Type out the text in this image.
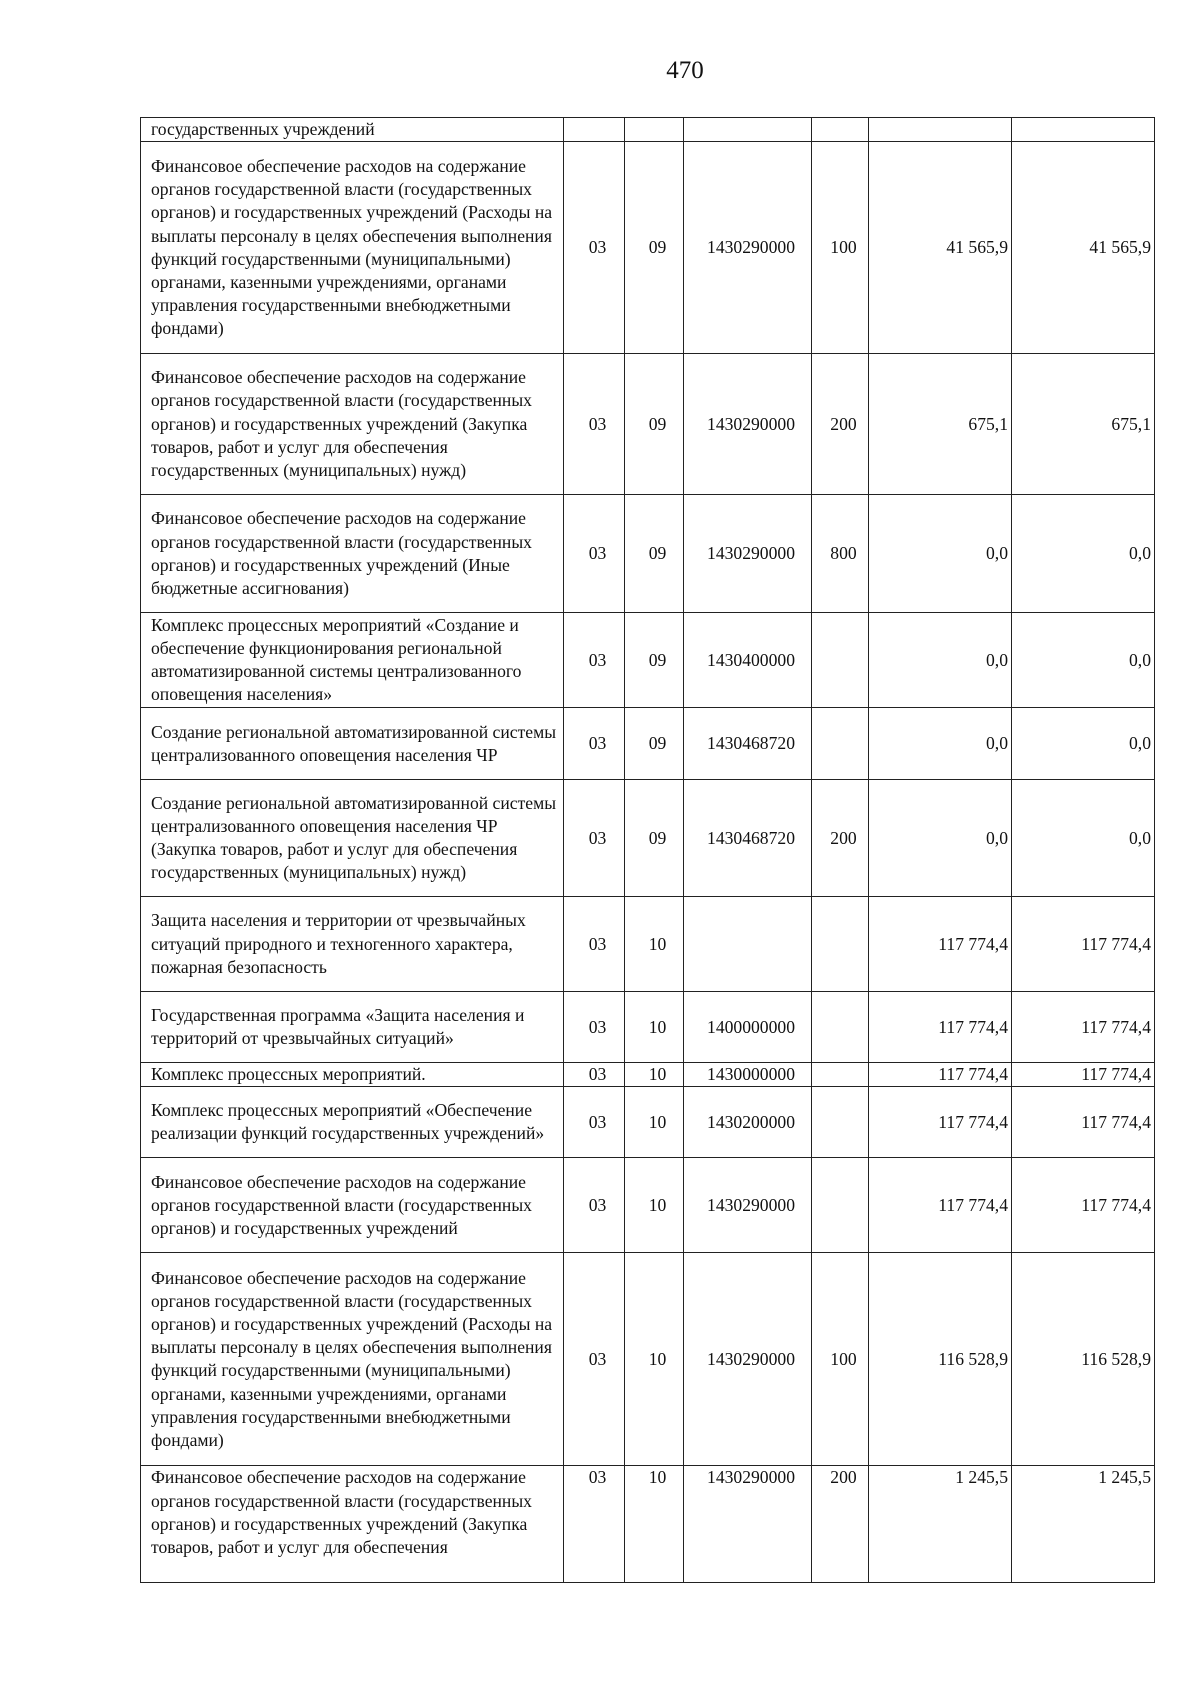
470
государственных учреждений						
Финансовое обеспечение расходов на содержание органов государственной власти (государственных органов) и государственных учреждений (Расходы на выплаты персоналу в целях обеспечения выполнения функций государственными (муниципальными) органами, казенными учреждениями, органами управления государственными внебюджетными фондами)	03	09	1430290000	100	41 565,9	41 565,9
Финансовое обеспечение расходов на содержание органов государственной власти (государственных органов) и государственных учреждений (Закупка товаров, работ и услуг для обеспечения государственных (муниципальных) нужд)	03	09	1430290000	200	675,1	675,1
Финансовое обеспечение расходов на содержание органов государственной власти (государственных органов) и государственных учреждений (Иные бюджетные ассигнования)	03	09	1430290000	800	0,0	0,0
Комплекс процессных мероприятий «Создание и обеспечение функционирования региональной автоматизированной системы централизованного оповещения населения»	03	09	1430400000		0,0	0,0
Создание региональной автоматизированной системы централизованного оповещения населения ЧР	03	09	1430468720		0,0	0,0
Создание региональной автоматизированной системы централизованного оповещения населения ЧР (Закупка товаров, работ и услуг для обеспечения государственных (муниципальных) нужд)	03	09	1430468720	200	0,0	0,0
Защита населения и территории от чрезвычайных ситуаций природного и техногенного характера, пожарная безопасность	03	10			117 774,4	117 774,4
Государственная программа «Защита населения и территорий от чрезвычайных ситуаций»	03	10	1400000000		117 774,4	117 774,4
Комплекс процессных мероприятий.	03	10	1430000000		117 774,4	117 774,4
Комплекс процессных мероприятий «Обеспечение реализации функций государственных учреждений»	03	10	1430200000		117 774,4	117 774,4
Финансовое обеспечение расходов на содержание органов государственной власти (государственных органов) и государственных учреждений	03	10	1430290000		117 774,4	117 774,4
Финансовое обеспечение расходов на содержание органов государственной власти (государственных органов) и государственных учреждений (Расходы на выплаты персоналу в целях обеспечения выполнения функций государственными (муниципальными) органами, казенными учреждениями, органами управления государственными внебюджетными фондами)	03	10	1430290000	100	116 528,9	116 528,9
Финансовое обеспечение расходов на содержание органов государственной власти (государственных органов) и государственных учреждений (Закупка товаров, работ и услуг для обеспечения	03	10	1430290000	200	1 245,5	1 245,5
